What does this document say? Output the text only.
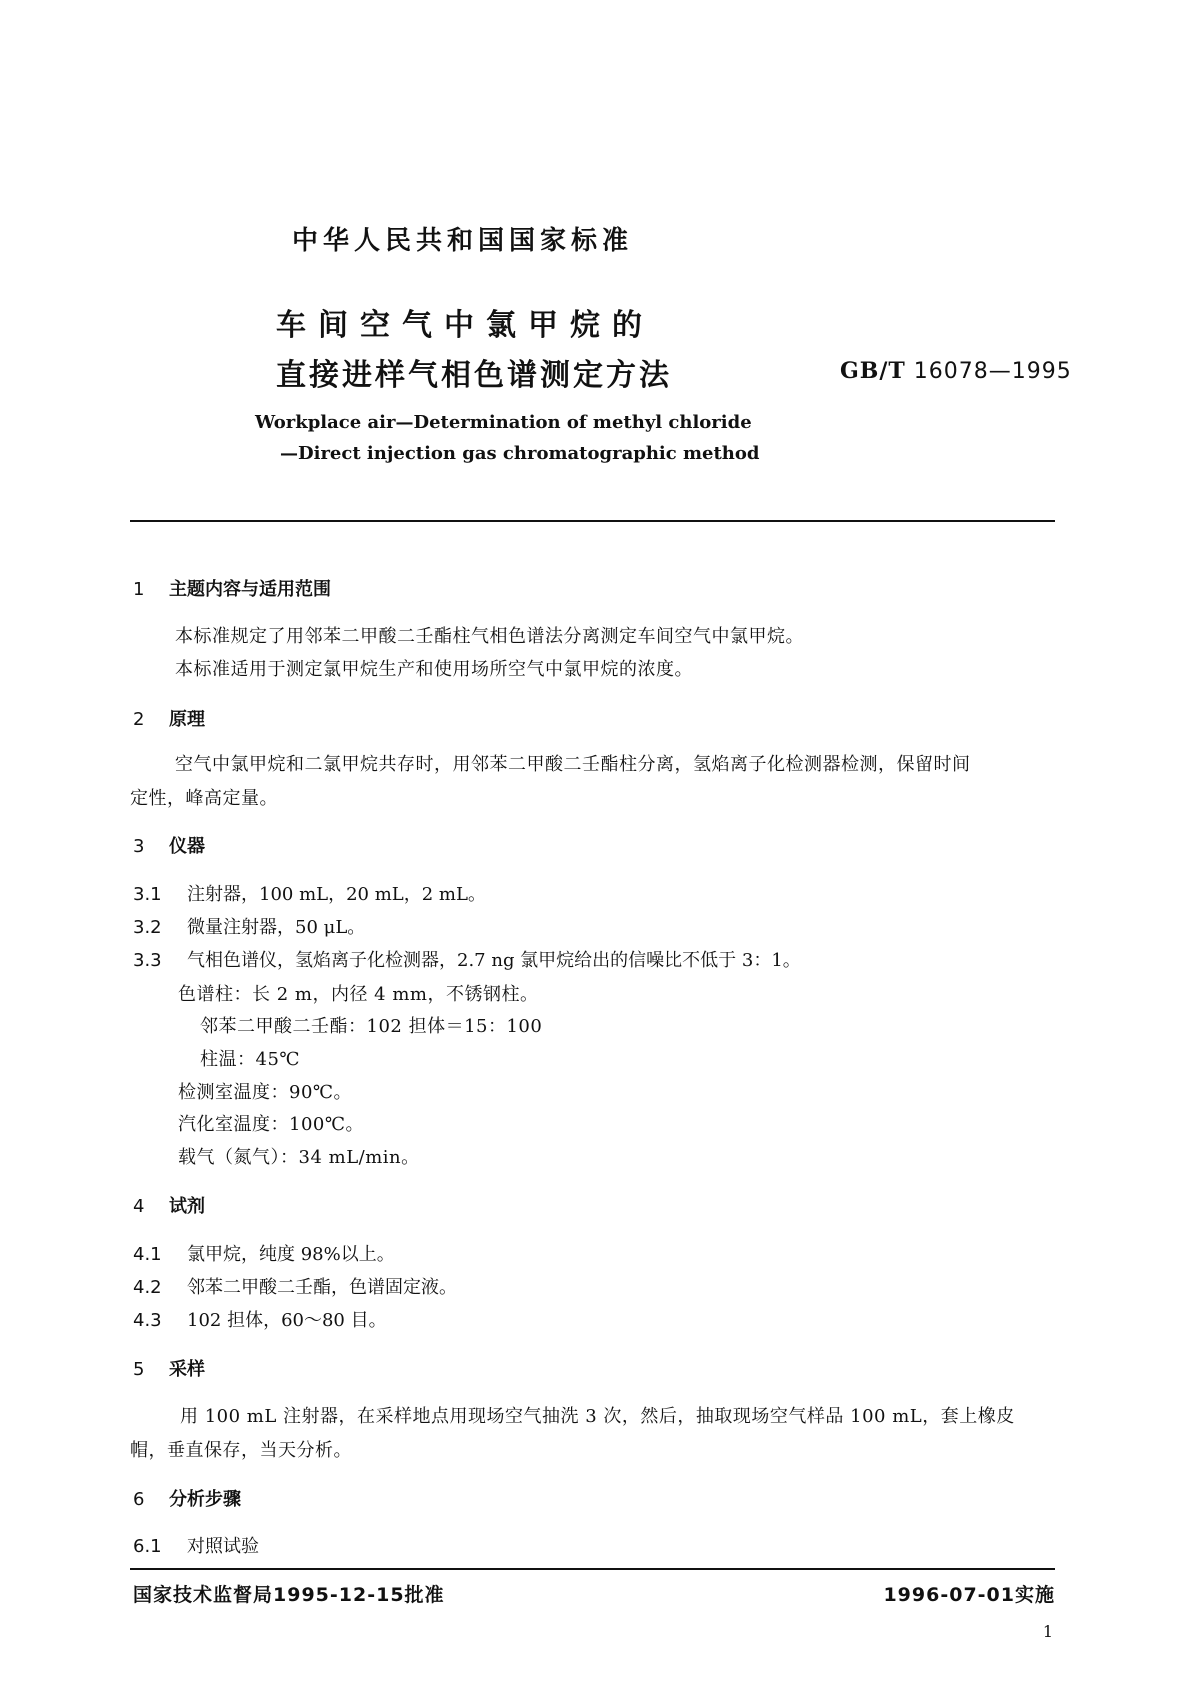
中华人民共和国国家标准
车间空气中氯甲烷的
直接进样气相色谱测定方法	GB/T 16078—1995
Workplace air—Determination of methyl chloride
—Direct injection gas chromatographic method
1 主题内容与适用范围
本标准规定了用邻苯二甲酸二壬酯柱气相色谱法分离测定车间空气中氯甲烷。
本标准适用于测定氯甲烷生产和使用场所空气中氯甲烷的浓度。
2 原理
空气中氯甲烷和二氯甲烷共存时，用邻苯二甲酸二壬酯柱分离，氢焰离子化检测器检测，保留时间
定性，峰高定量。
3 仪器
3.1 注射器，100 mL，20 mL，2 mL。
3.2 微量注射器，50 μL。
3.3 气相色谱仪，氢焰离子化检测器，2.7 ng 氯甲烷给出的信噪比不低于 3：1。
色谱柱：长 2 m，内径 4 mm，不锈钢柱。
邻苯二甲酸二壬酯：102 担体＝15：100
柱温：45℃
检测室温度：90℃。
汽化室温度：100℃。
载气（氮气）：34 mL/min。
4 试剂
4.1 氯甲烷，纯度 98%以上。
4.2 邻苯二甲酸二壬酯，色谱固定液。
4.3 102 担体，60～80 目。
5 采样
用 100 mL 注射器，在采样地点用现场空气抽洗 3 次，然后，抽取现场空气样品 100 mL，套上橡皮
帽，垂直保存，当天分析。
6 分析步骤
6.1 对照试验
国家技术监督局1995-12-15批准	1996-07-01实施
1
